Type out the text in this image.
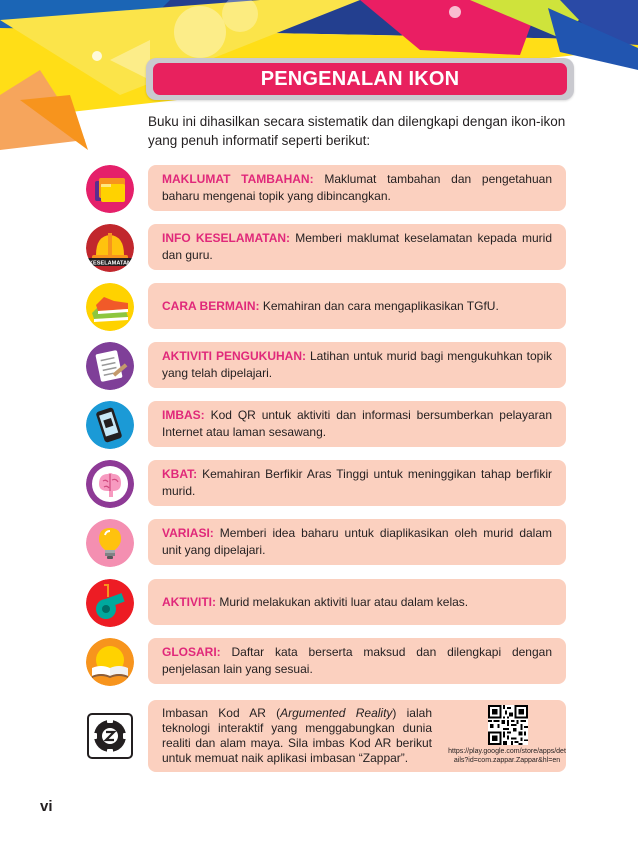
PENGENALAN IKON
Buku ini dihasilkan secara sistematik dan dilengkapi dengan ikon-ikon yang penuh informatif seperti berikut:

MAKLUMAT TAMBAHAN: Maklumat tambahan dan pengetahuan baharu mengenai topik yang dibincangkan.

KESELAMATAN

INFO KESELAMATAN: Memberi maklumat keselamatan kepada murid dan guru.

CARA BERMAIN: Kemahiran dan cara mengaplikasikan TGfU.

AKTIVITI PENGUKUHAN: Latihan untuk murid bagi mengukuhkan topik yang telah dipelajari.

IMBAS: Kod QR untuk aktiviti dan informasi bersumberkan pelayaran Internet atau laman sesawang.

KBAT: Kemahiran Berfikir Aras Tinggi untuk meninggikan tahap berfikir murid.

VARIASI: Memberi idea baharu untuk diaplikasikan oleh murid dalam unit yang dipelajari.

AKTIVITI: Murid melakukan aktiviti luar atau dalam kelas.

GLOSARI: Daftar kata berserta maksud dan dilengkapi dengan penjelasan lain yang sesuai.

Imbasan Kod AR (Argumented Reality) ialah teknologi interaktif yang menggabungkan dunia realiti dan alam maya. Sila imbas Kod AR berikut untuk memuat naik aplikasi imbasan “Zappar”.	https://play.google.com/store/apps/details?id=com.zappar.Zappar&hl=en
vi
